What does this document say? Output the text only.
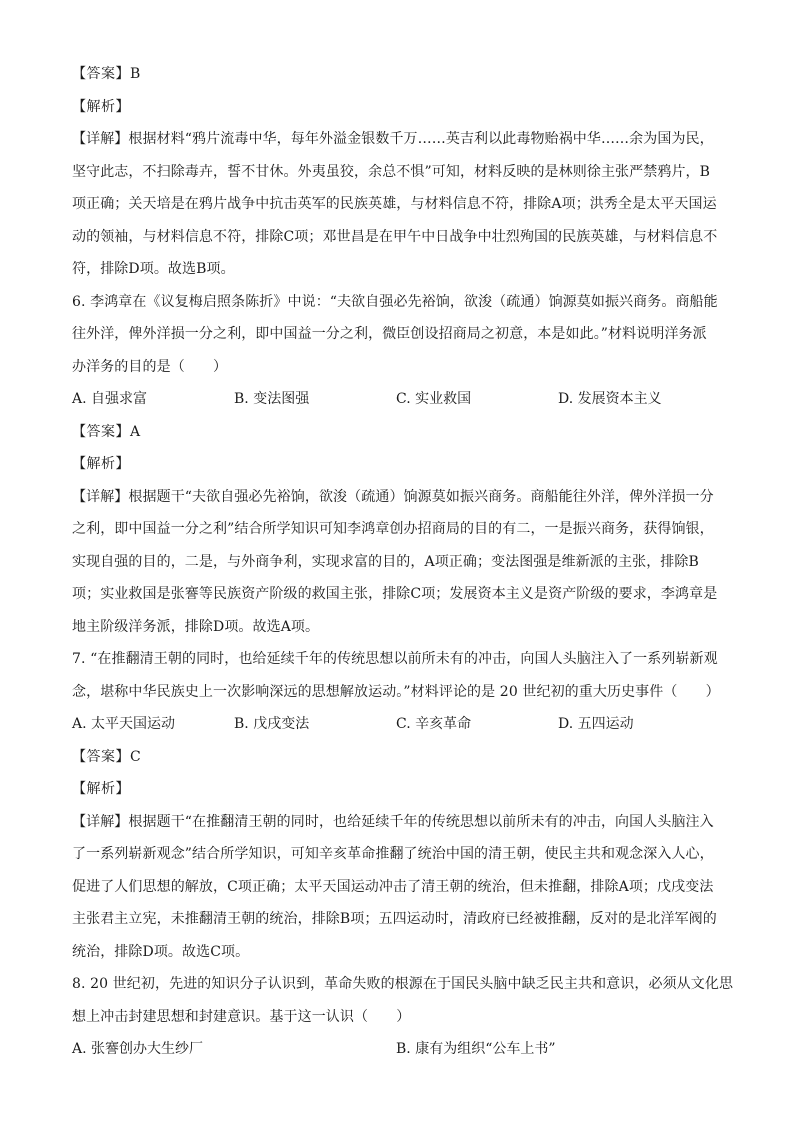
【答案】B
【解析】
【详解】根据材料“鸦片流毒中华，每年外溢金银数千万……英吉利以此毒物贻祸中华……余为国为民，
坚守此志，不扫除毒卉，誓不甘休。外夷虽狡，余总不惧”可知，材料反映的是林则徐主张严禁鸦片，B
项正确；关天培是在鸦片战争中抗击英军的民族英雄，与材料信息不符，排除A项；洪秀全是太平天国运
动的领袖，与材料信息不符，排除C项；邓世昌是在甲午中日战争中壮烈殉国的民族英雄，与材料信息不
符，排除D项。故选B项。
6. 李鸿章在《议复梅启照条陈折》中说：“夫欲自强必先裕饷，欲浚（疏通）饷源莫如振兴商务。商船能
往外洋，俾外洋损一分之利，即中国益一分之利，微臣创设招商局之初意，本是如此。”材料说明洋务派
办洋务的目的是（　　）
A. 自强求富	B. 变法图强	C. 实业救国	D. 发展资本主义
【答案】A
【解析】
【详解】根据题干“夫欲自强必先裕饷，欲浚（疏通）饷源莫如振兴商务。商船能往外洋，俾外洋损一分
之利，即中国益一分之利”结合所学知识可知李鸿章创办招商局的目的有二，一是振兴商务，获得饷银，
实现自强的目的，二是，与外商争利，实现求富的目的，A项正确；变法图强是维新派的主张，排除B
项；实业救国是张謇等民族资产阶级的救国主张，排除C项；发展资本主义是资产阶级的要求，李鸿章是
地主阶级洋务派，排除D项。故选A项。
7. “在推翻清王朝的同时，也给延续千年的传统思想以前所未有的冲击，向国人头脑注入了一系列崭新观
念，堪称中华民族史上一次影响深远的思想解放运动。”材料评论的是 20 世纪初的重大历史事件（　　）
A. 太平天国运动	B. 戊戌变法	C. 辛亥革命	D. 五四运动
【答案】C
【解析】
【详解】根据题干“在推翻清王朝的同时，也给延续千年的传统思想以前所未有的冲击，向国人头脑注入
了一系列崭新观念”结合所学知识，可知辛亥革命推翻了统治中国的清王朝，使民主共和观念深入人心，
促进了人们思想的解放，C项正确；太平天国运动冲击了清王朝的统治，但未推翻，排除A项；戊戌变法
主张君主立宪，未推翻清王朝的统治，排除B项；五四运动时，清政府已经被推翻，反对的是北洋军阀的
统治，排除D项。故选C项。
8. 20 世纪初，先进的知识分子认识到，革命失败的根源在于国民头脑中缺乏民主共和意识，必须从文化思
想上冲击封建思想和封建意识。基于这一认识（　　）
A. 张謇创办大生纱厂	B. 康有为组织“公车上书”
